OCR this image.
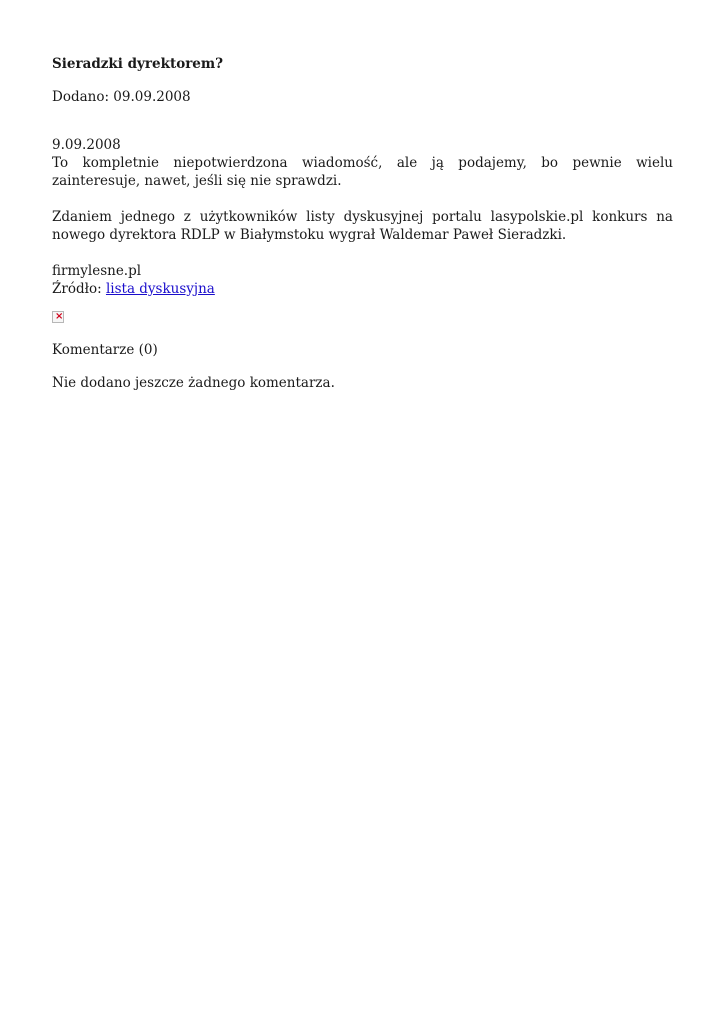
Sieradzki dyrektorem?

Dodano: 09.09.2008

9.09.2008

To kompletnie niepotwierdzona wiadomość, ale ją podajemy, bo pewnie wielu zainteresuje, nawet, jeśli się nie sprawdzi.

Zdaniem jednego z użytkowników listy dyskusyjnej portalu lasypolskie.pl konkurs na nowego dyrektora RDLP w Białymstoku wygrał Waldemar Paweł Sieradzki.

firmylesne.pl

Źródło: lista dyskusyjna

×

Komentarze (0)

Nie dodano jeszcze żadnego komentarza.
